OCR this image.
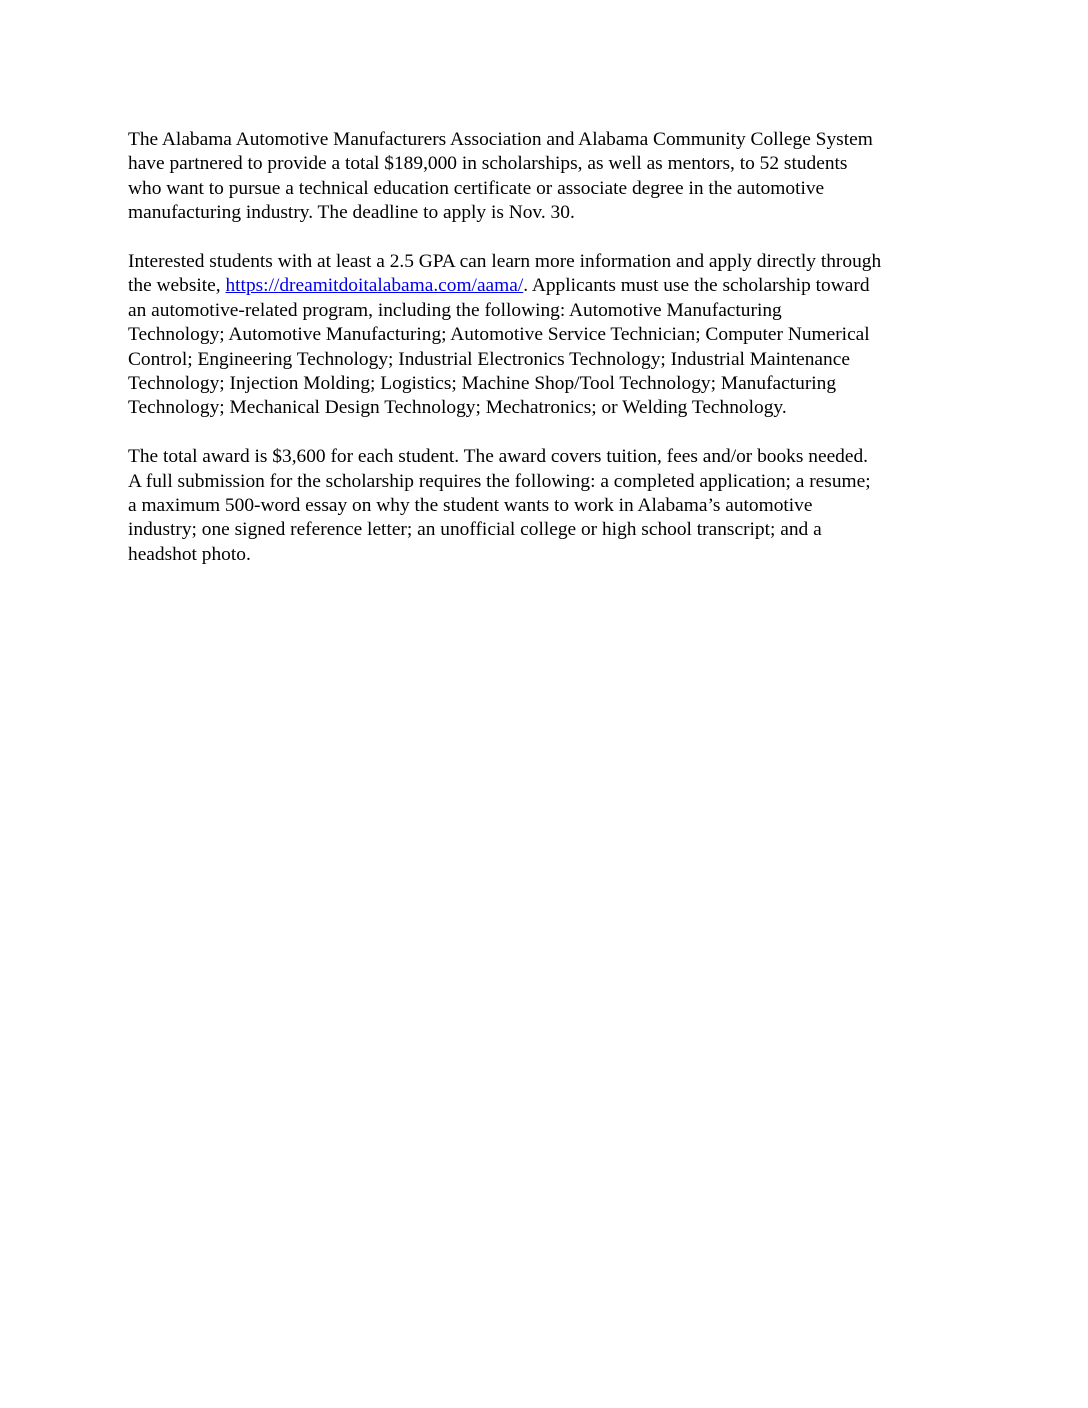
The Alabama Automotive Manufacturers Association and Alabama Community College System
have partnered to provide a total $189,000 in scholarships, as well as mentors, to 52 students
who want to pursue a technical education certificate or associate degree in the automotive
manufacturing industry. The deadline to apply is Nov. 30.

Interested students with at least a 2.5 GPA can learn more information and apply directly through
the website, https://dreamitdoitalabama.com/aama/. Applicants must use the scholarship toward
an automotive-related program, including the following: Automotive Manufacturing
Technology; Automotive Manufacturing; Automotive Service Technician; Computer Numerical
Control; Engineering Technology; Industrial Electronics Technology; Industrial Maintenance
Technology; Injection Molding; Logistics; Machine Shop/Tool Technology; Manufacturing
Technology; Mechanical Design Technology; Mechatronics; or Welding Technology.

The total award is $3,600 for each student. The award covers tuition, fees and/or books needed.
A full submission for the scholarship requires the following: a completed application; a resume;
a maximum 500-word essay on why the student wants to work in Alabama’s automotive
industry; one signed reference letter; an unofficial college or high school transcript; and a
headshot photo.
